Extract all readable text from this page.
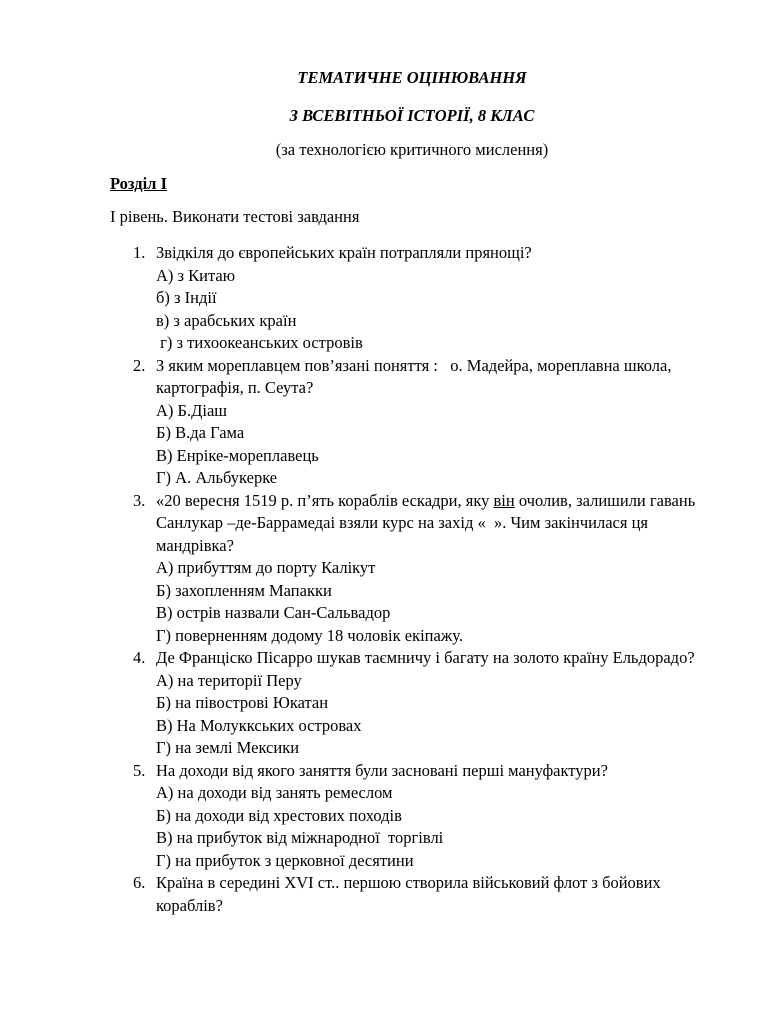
ТЕМАТИЧНЕ ОЦІНЮВАННЯ
З ВСЕВІТНЬОЇ ІСТОРІЇ, 8 КЛАС
(за технологією критичного мислення)
Розділ І
І рівень. Виконати тестові завдання
1. Звідкіля до європейських країн потрапляли прянощі?
А) з Китаю
б) з Індії
в) з арабських країн
г) з тихоокеанських островів
2. З яким мореплавцем пов’язані поняття :   о. Мадейра, мореплавна школа, картографія, п. Сеута?
А) Б.Діаш
Б) В.да Гама
В) Енріке-мореплавець
Г) А. Альбукерке
3. «20 вересня 1519 р. п’ять кораблів ескадри, яку він очолив, залишили гавань Санлукар –де-Баррамедаі взяли курс на захід «  ». Чим закінчилася ця мандрівка?
А) прибуттям до порту Калікут
Б) захопленням Мапакки
В) острів назвали Сан-Сальвадор
Г) поверненням додому 18 чоловік екіпажу.
4. Де Франціско Пісарро шукав таємничу і багату на золото країну Ельдорадо?
А) на території Перу
Б) на півострові Юкатан
В) На Молуккських островах
Г) на землі Мексики
5. На доходи від якого заняття були засновані перші мануфактури?
А) на доходи від занять ремеслом
Б) на доходи від хрестових походів
В) на прибуток від міжнародної  торгівлі
Г) на прибуток з церковної десятини
6. Країна в середині XVI ст.. першою створила військовий флот з бойових кораблів?
